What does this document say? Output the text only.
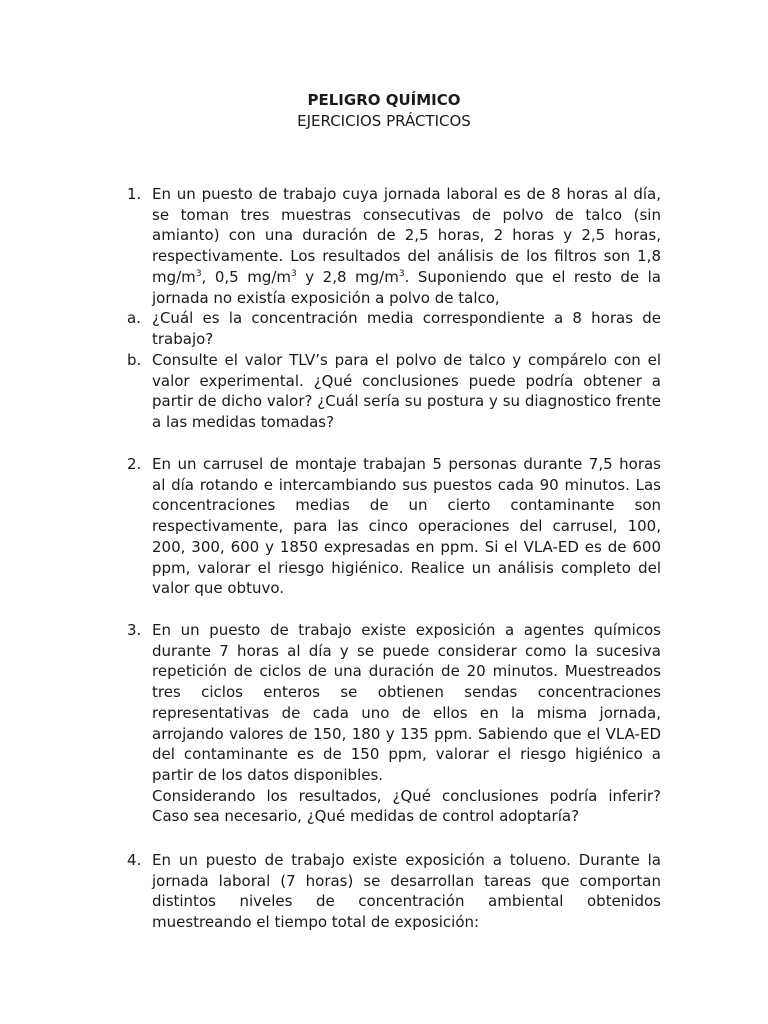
PELIGRO QUÍMICO
EJERCICIOS PRÁCTICOS
1. En un puesto de trabajo cuya jornada laboral es de 8 horas al día, se toman tres muestras consecutivas de polvo de talco (sin amianto) con una duración de 2,5 horas, 2 horas y 2,5 horas, respectivamente. Los resultados del análisis de los filtros son 1,8 $mg/m^3$, 0,5 $mg/m^3$ y 2,8 $mg/m^3$. Suponiendo que el resto de la jornada no existía exposición a polvo de talco,
a. ¿Cuál es la concentración media correspondiente a 8 horas de trabajo?
b. Consulte el valor TLV’s para el polvo de talco y compárelo con el valor experimental. ¿Qué conclusiones puede podría obtener a partir de dicho valor? ¿Cuál sería su postura y su diagnostico frente a las medidas tomadas?
2. En un carrusel de montaje trabajan 5 personas durante 7,5 horas al día rotando e intercambiando sus puestos cada 90 minutos. Las concentraciones medias de un cierto contaminante son respectivamente, para las cinco operaciones del carrusel, 100, 200, 300, 600 y 1850 expresadas en ppm. Si el VLA-ED es de 600 ppm, valorar el riesgo higiénico. Realice un análisis completo del valor que obtuvo.
3. En un puesto de trabajo existe exposición a agentes químicos durante 7 horas al día y se puede considerar como la sucesiva repetición de ciclos de una duración de 20 minutos. Muestreados tres ciclos enteros se obtienen sendas concentraciones representativas de cada uno de ellos en la misma jornada, arrojando valores de 150, 180 y 135 ppm. Sabiendo que el VLA-ED del contaminante es de 150 ppm, valorar el riesgo higiénico a partir de los datos disponibles.

Considerando los resultados, ¿Qué conclusiones podría inferir? Caso sea necesario, ¿Qué medidas de control adoptaría?

4. En un puesto de trabajo existe exposición a tolueno. Durante la jornada laboral (7 horas) se desarrollan tareas que comportan distintos niveles de concentración ambiental obtenidos muestreando el tiempo total de exposición:
